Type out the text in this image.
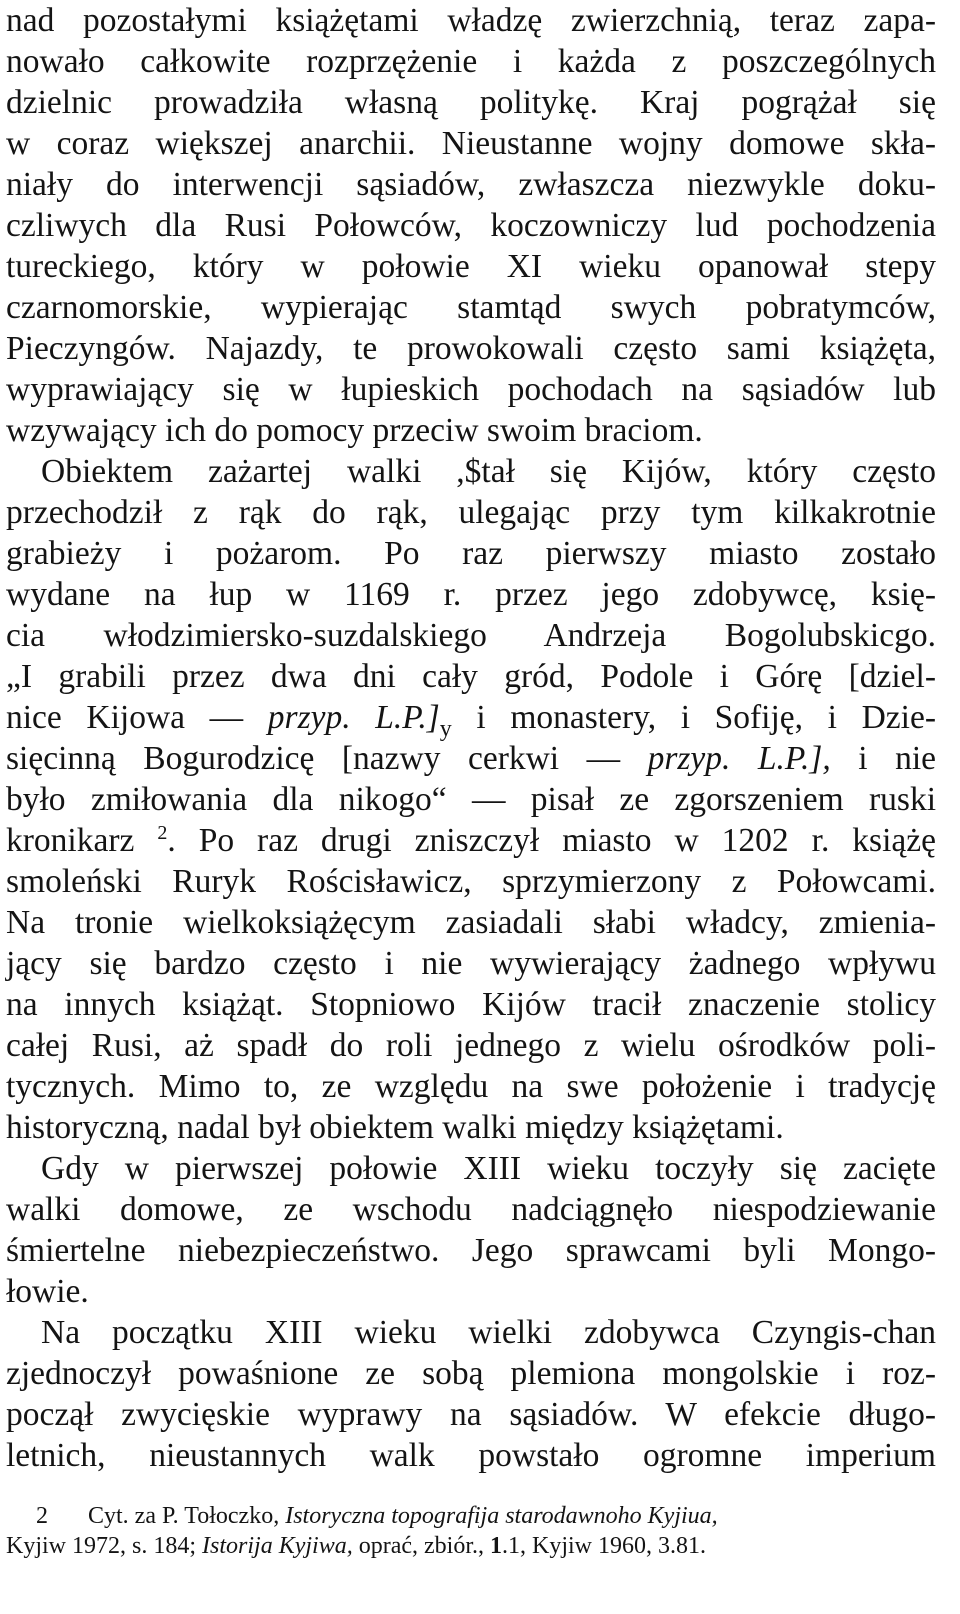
nad pozostałymi książętami władzę zwierzchnią, teraz zapa-
nowało całkowite rozprzężenie i każda z poszczególnych
dzielnic prowadziła własną politykę. Kraj pogrążał się
w coraz większej anarchii. Nieustanne wojny domowe skła-
niały do interwencji sąsiadów, zwłaszcza niezwykle doku-
czliwych dla Rusi Połowców, koczowniczy lud pochodzenia
tureckiego, który w połowie XI wieku opanował stepy
czarnomorskie, wypierając stamtąd swych pobratymców,
Pieczyngów. Najazdy, te prowokowali często sami książęta,
wyprawiający się w łupieskich pochodach na sąsiadów lub
wzywający ich do pomocy przeciw swoim braciom.
Obiektem zażartej walki ,$tał się Kijów, który często
przechodził z rąk do rąk, ulegając przy tym kilkakrotnie
grabieży i pożarom. Po raz pierwszy miasto zostało
wydane na łup w 1169 r. przez jego zdobywcę, księ-
cia włodzimiersko-suzdalskiego Andrzeja Bogolubskicgo.
„I grabili przez dwa dni cały gród, Podole i Górę [dziel-
nice Kijowa — przyp. $L.P.]_y$ i monastery, i Sofiję, i Dzie-
sięcinną Bogurodzicę [nazwy cerkwi — przyp. L.P.], i nie
było zmiłowania dla nikogo“ — pisał ze zgorszeniem ruski
kronikarz $^2$. Po raz drugi zniszczył miasto w 1202 r. książę
smoleński Ruryk Rościsławicz, sprzymierzony z Połowcami.
Na tronie wielkoksiążęcym zasiadali słabi władcy, zmienia-
jący się bardzo często i nie wywierający żadnego wpływu
na innych książąt. Stopniowo Kijów tracił znaczenie stolicy
całej Rusi, aż spadł do roli jednego z wielu ośrodków poli-
tycznych. Mimo to, ze względu na swe położenie i tradycję
historyczną, nadal był obiektem walki między książętami.
Gdy w pierwszej połowie XIII wieku toczyły się zacięte
walki domowe, ze wschodu nadciągnęło niespodziewanie
śmiertelne niebezpieczeństwo. Jego sprawcami byli Mongo-
łowie.
Na początku XIII wieku wielki zdobywca Czyngis-chan
zjednoczył powaśnione ze sobą plemiona mongolskie i roz-
począł zwycięskie wyprawy na sąsiadów. W efekcie długo-
letnich, nieustannych walk powstało ogromne imperium
2 Cyt. za P. Tołoczko, Istoryczna topografija starodawnoho Kyjiua,
Kyjiw 1972, s. 184; Istorija Kyjiwa, oprać, zbiór., 1.1, Kyjiw 1960, 3.81.
